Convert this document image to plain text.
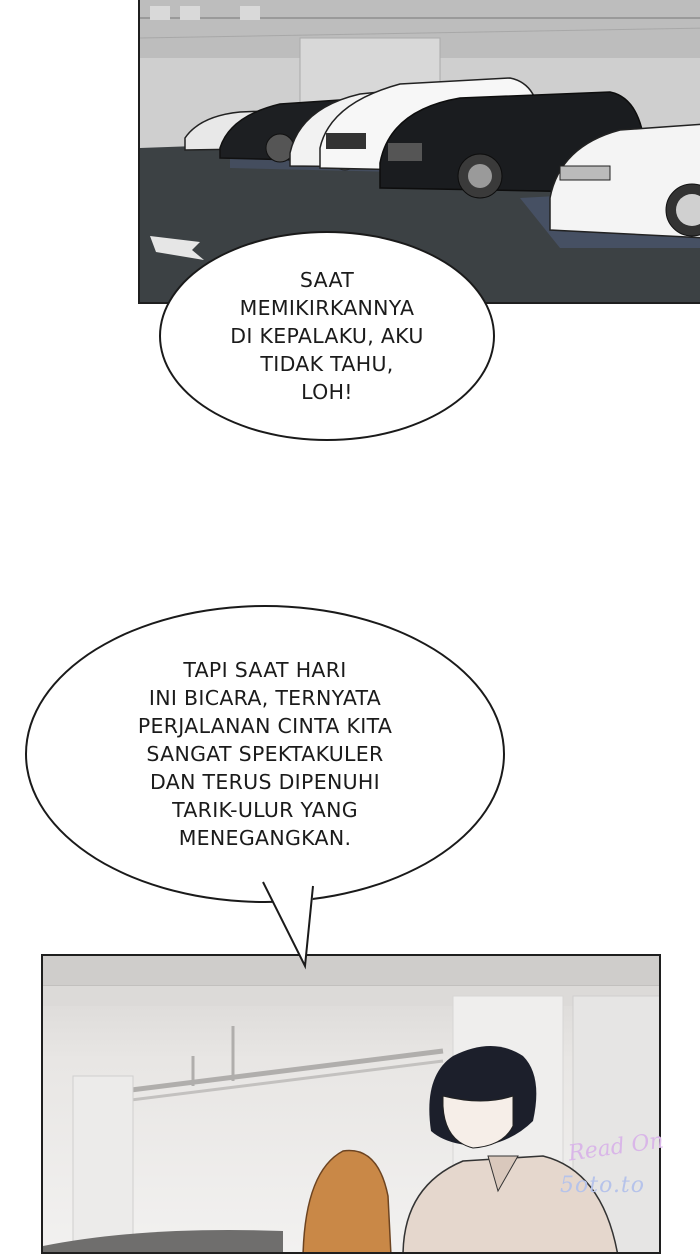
SAAT
MEMIKIRKANNYA
DI KEPALAKU, AKU
TIDAK TAHU,
LOH!

TAPI SAAT HARI
INI BICARA, TERNYATA
PERJALANAN CINTA KITA
SANGAT SPEKTAKULER
DAN TERUS DIPENUHI
TARIK-ULUR YANG
MENEGANGKAN.

Read On
5oto.to
